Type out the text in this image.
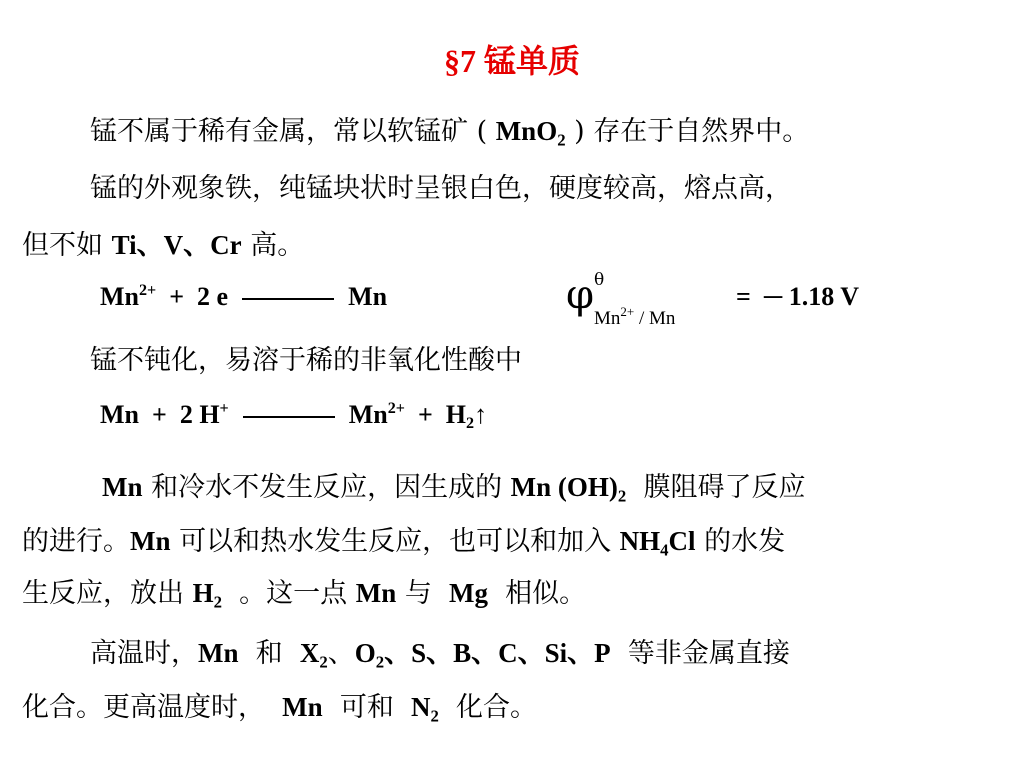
§7 锰单质
锰不属于稀有金属，常以软锰矿 ( MnO$_2$ ) 存在于自然界中。
锰的外观象铁，纯锰块状时呈银白色，硬度较高，熔点高，
但不如 Ti、V、Cr 高。
$Mn^{2+} + 2$ e	Mn	φ θ
$Mn^{2+}$ / Mn
=  ─ 1.18 V
锰不钝化，易溶于稀的非氧化性酸中
Mn  +  2 H+	$Mn^{2+}$  +  $H_2↑$
Mn 和冷水不发生反应，因生成的 Mn $(OH)_2$  膜阻碍了反应
的进行。Mn 可以和热水发生反应，也可以和加入 $NH_4Cl$ 的水发
生反应，放出 $H_2$  。这一点 Mn 与  Mg  相似。
高温时，Mn  和  $X_2$、$O_2$、S、B、C、Si、P  等非金属直接
化合。更高温度时，  Mn  可和  $N_2$  化合。
